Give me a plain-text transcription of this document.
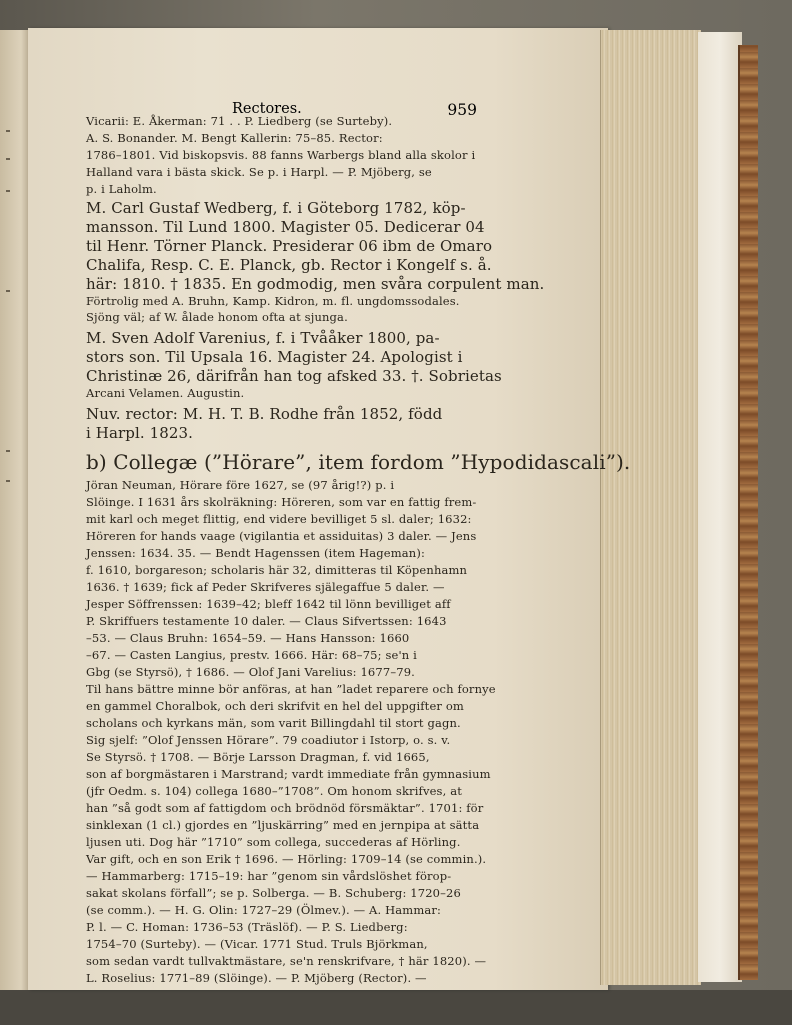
Rectores.	959
Vicarii: E. Åkerman: 71 . . P. Liedberg (se Surteby).
A. S. Bonander. M. Bengt Kallerin: 75–85. Rector:
1786–1801. Vid biskopsvis. 88 fanns Warbergs bland alla skolor i
Halland vara i bästa skick. Se p. i Harpl. — P. Mjöberg, se
p. i Laholm.
M. Carl Gustaf Wedberg, f. i Göteborg 1782, köp-
mansson. Til Lund 1800. Magister 05. Dedicerar 04
til Henr. Törner Planck. Presiderar 06 ibm de Omaro
Chalifa, Resp. C. E. Planck, gb. Rector i Kongelf s. å.
här: 1810. † 1835. En godmodig, men svåra corpulent man.
Förtrolig med A. Bruhn, Kamp. Kidron, m. fl. ungdomssodales.
Sjöng väl; af W. ålade honom ofta at sjunga.
M. Sven Adolf Varenius, f. i Tvååker 1800, pa-
stors son. Til Upsala 16. Magister 24. Apologist i
Christinæ 26, därifrån han tog afsked 33. †. Sobrietas
Arcani Velamen. Augustin.
Nuv. rector: M. H. T. B. Rodhe från 1852, född
i Harpl. 1823.
b) Collegæ (”Hörare”, item fordom ”Hypodidascali”).
Jöran Neuman, Hörare före 1627, se (97 årig!?) p. i
Slöinge. I 1631 års skolräkning: Höreren, som var en fattig frem-
mit karl och meget flittig, end videre bevilliget 5 sl. daler; 1632:
Höreren for hands vaage (vigilantia et assiduitas) 3 daler. — Jens
Jenssen: 1634. 35. — Bendt Hagenssen (item Hageman):
f. 1610, borgareson; scholaris här 32, dimitteras til Köpenhamn
1636. † 1639; fick af Peder Skrifveres själegaffue 5 daler. —
Jesper Söffrenssen: 1639–42; bleff 1642 til lönn bevilliget aff
P. Skriffuers testamente 10 daler. — Claus Sifvertssen: 1643
–53. — Claus Bruhn: 1654–59. — Hans Hansson: 1660
–67. — Casten Langius, prestv. 1666. Här: 68–75; se'n i
Gbg (se Styrsö), † 1686. — Olof Jani Varelius: 1677–79.
Til hans bättre minne bör anföras, at han ”ladet reparere och fornye
en gammel Choralbok, och deri skrifvit en hel del uppgifter om
scholans och kyrkans män, som varit Billingdahl til stort gagn.
Sig sjelf: ”Olof Jenssen Hörare”. 79 coadiutor i Istorp, o. s. v.
Se Styrsö. † 1708. — Börje Larsson Dragman, f. vid 1665,
son af borgmästaren i Marstrand; vardt immediate från gymnasium
(jfr Oedm. s. 104) collega 1680–”1708”. Om honom skrifves, at
han ”så godt som af fattigdom och brödnöd försmäktar”. 1701: för
sinklexan (1 cl.) gjordes en ”ljuskärring” med en jernpipa at sätta
ljusen uti. Dog här ”1710” som collega, succederas af Hörling.
Var gift, och en son Erik † 1696. — Hörling: 1709–14 (se commin.).
— Hammarberg: 1715–19: har ”genom sin vårdslöshet förор-
sakat skolans förfall”; se p. Solberga. — B. Schuberg: 1720–26
(se comm.). — H. G. Olin: 1727–29 (Ölmev.). — A. Hammar:
P. l. — C. Homan: 1736–53 (Träslöf). — P. S. Liedberg:
1754–70 (Surteby). — (Vicar. 1771 Stud. Truls Björkman,
som sedan vardt tullvaktmästare, se'n renskrifvare, † här 1820). —
L. Roselius: 1771–89 (Slöinge). — P. Mjöberg (Rector). —
